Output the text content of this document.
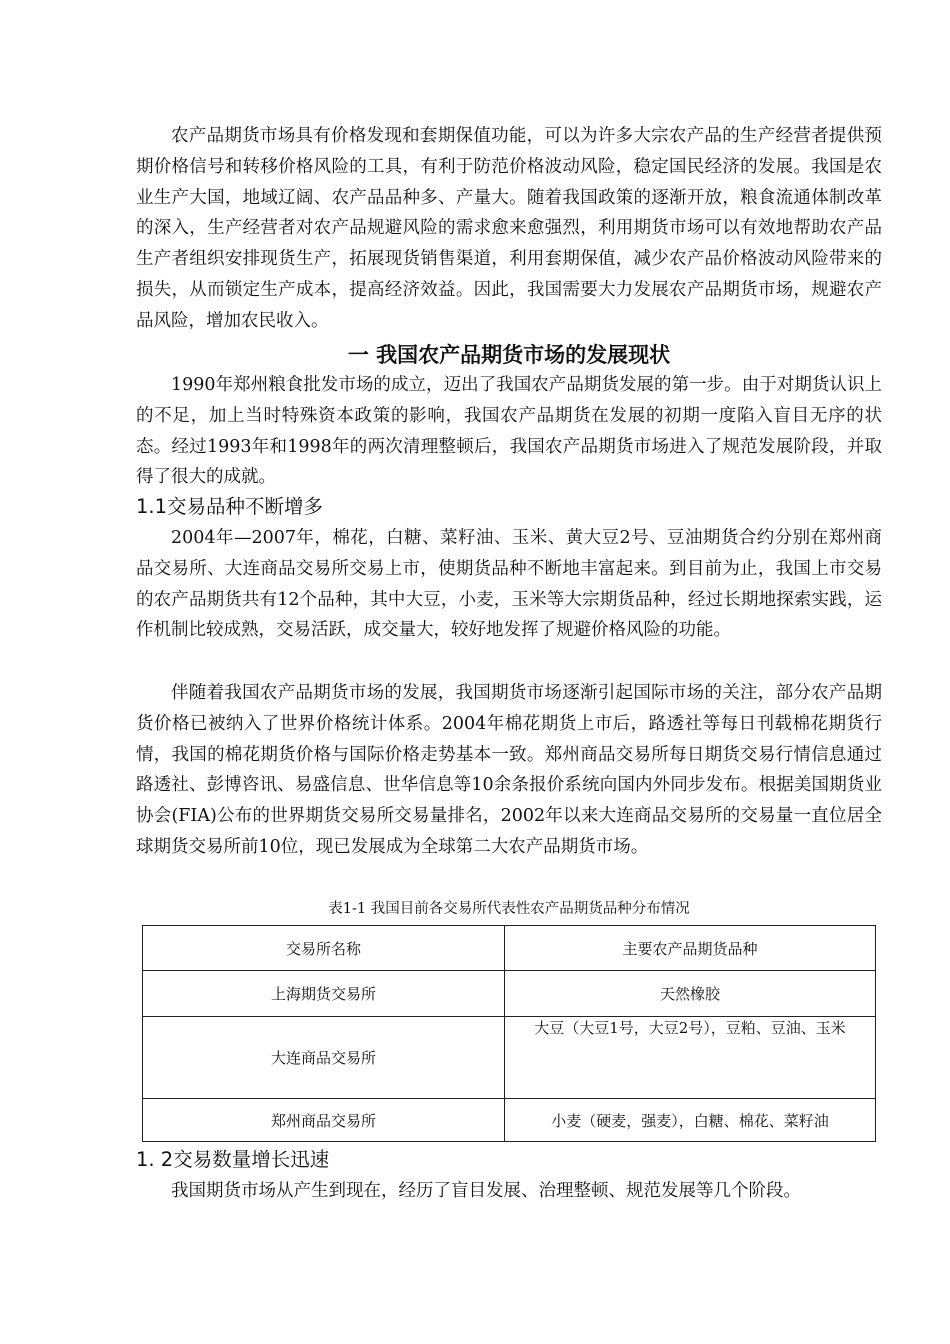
农产品期货市场具有价格发现和套期保值功能，可以为许多大宗农产品的生产经营者提供预期价格信号和转移价格风险的工具，有利于防范价格波动风险，稳定国民经济的发展。我国是农业生产大国，地域辽阔、农产品品种多、产量大。随着我国政策的逐渐开放，粮食流通体制改革的深入，生产经营者对农产品规避风险的需求愈来愈强烈，利用期货市场可以有效地帮助农产品生产者组织安排现货生产，拓展现货销售渠道，利用套期保值，减少农产品价格波动风险带来的损失，从而锁定生产成本，提高经济效益。因此，我国需要大力发展农产品期货市场，规避农产品风险，增加农民收入。

一 我国农产品期货市场的发展现状

1990年郑州粮食批发市场的成立，迈出了我国农产品期货发展的第一步。由于对期货认识上的不足，加上当时特殊资本政策的影响，我国农产品期货在发展的初期一度陷入盲目无序的状态。经过1993年和1998年的两次清理整顿后，我国农产品期货市场进入了规范发展阶段，并取得了很大的成就。

1.1交易品种不断增多

2004年—2007年，棉花，白糖、菜籽油、玉米、黄大豆2号、豆油期货合约分别在郑州商品交易所、大连商品交易所交易上市，使期货品种不断地丰富起来。到目前为止，我国上市交易的农产品期货共有12个品种，其中大豆，小麦，玉米等大宗期货品种，经过长期地探索实践，运作机制比较成熟，交易活跃，成交量大，较好地发挥了规避价格风险的功能。

伴随着我国农产品期货市场的发展，我国期货市场逐渐引起国际市场的关注，部分农产品期货价格已被纳入了世界价格统计体系。2004年棉花期货上市后，路透社等每日刊载棉花期货行情，我国的棉花期货价格与国际价格走势基本一致。郑州商品交易所每日期货交易行情信息通过路透社、彭博咨讯、易盛信息、世华信息等10余条报价系统向国内外同步发布。根据美国期货业协会(FIA)公布的世界期货交易所交易量排名，2002年以来大连商品交易所的交易量一直位居全球期货交易所前10位，现已发展成为全球第二大农产品期货市场。

表1-1 我国目前各交易所代表性农产品期货品种分布情况
交易所名称	主要农产品期货品种
上海期货交易所	天然橡胶
大连商品交易所	大豆（大豆1号，大豆2号），豆粕、豆油、玉米
郑州商品交易所	小麦（硬麦，强麦），白糖、棉花、菜籽油
1. 2交易数量增长迅速

我国期货市场从产生到现在，经历了盲目发展、治理整顿、规范发展等几个阶段。
